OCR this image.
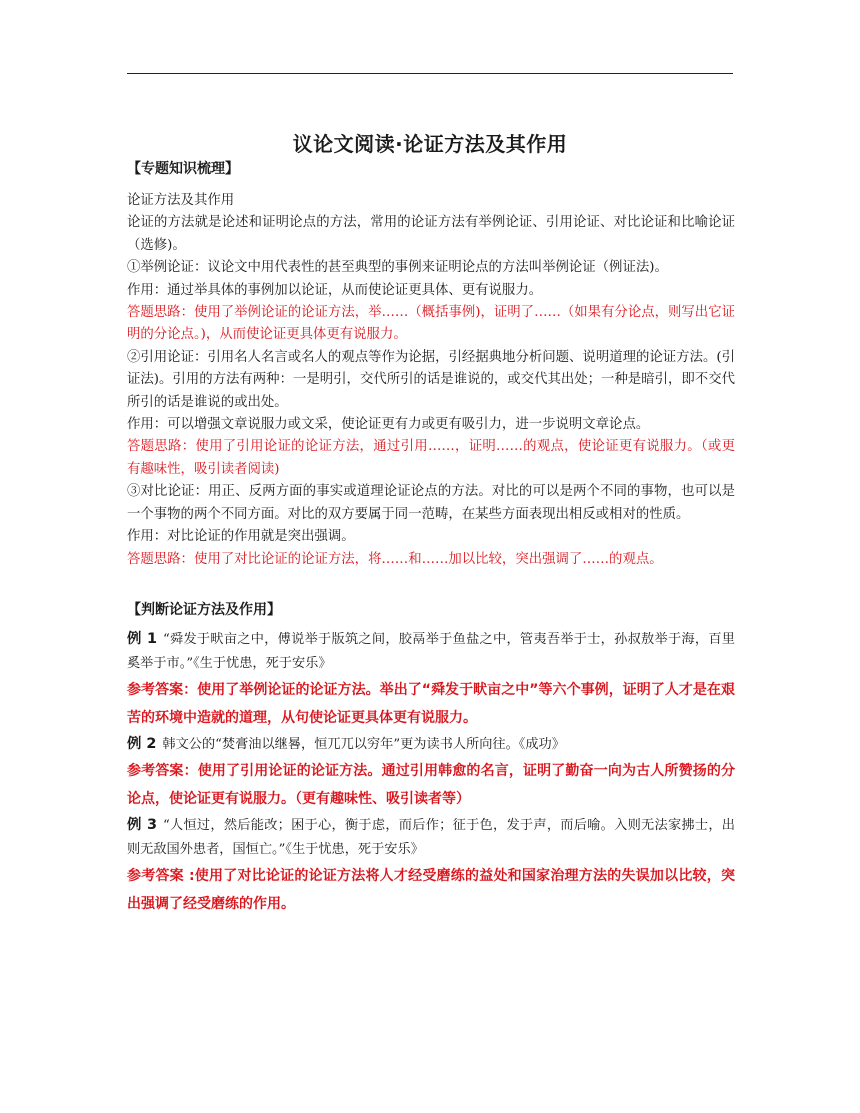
议论文阅读·论证方法及其作用
【专题知识梳理】
论证方法及其作用
论证的方法就是论述和证明论点的方法，常用的论证方法有举例论证、引用论证、对比论证和比喻论证（选修)。
①举例论证：议论文中用代表性的甚至典型的事例来证明论点的方法叫举例论证（例证法)。
作用：通过举具体的事例加以论证，从而使论证更具体、更有说服力。
答题思路：使用了举例论证的论证方法，举……（概括事例)，证明了……（如果有分论点，则写出它证明的分论点。)，从而使论证更具体更有说服力。
②引用论证：引用名人名言或名人的观点等作为论据，引经据典地分析问题、说明道理的论证方法。(引证法)。引用的方法有两种：一是明引，交代所引的话是谁说的，或交代其出处；一种是暗引，即不交代所引的话是谁说的或出处。
作用：可以增强文章说服力或文采，使论证更有力或更有吸引力，进一步说明文章论点。
答题思路：使用了引用论证的论证方法，通过引用……，证明……的观点，使论证更有说服力。（或更有趣味性，吸引读者阅读)
③对比论证：用正、反两方面的事实或道理论证论点的方法。对比的可以是两个不同的事物，也可以是一个事物的两个不同方面。对比的双方要属于同一范畴，在某些方面表现出相反或相对的性质。
作用：对比论证的作用就是突出强调。
答题思路：使用了对比论证的论证方法，将……和……加以比较，突出强调了……的观点。
【判断论证方法及作用】
例 1 “舜发于畎亩之中，傅说举于版筑之间，胶鬲举于鱼盐之中，管夷吾举于士，孙叔敖举于海，百里奚举于市。”《生于忧患，死于安乐》
参考答案：使用了举例论证的论证方法。举出了“舜发于畎亩之中”等六个事例，证明了人才是在艰苦的环境中造就的道理，从句使论证更具体更有说服力。
例 2 韩文公的“焚膏油以继晷，恒兀兀以穷年”更为读书人所向往。《成功》
参考答案：使用了引用论证的论证方法。通过引用韩愈的名言，证明了勤奋一向为古人所赞扬的分论点，使论证更有说服力。（更有趣味性、吸引读者等）
例 3 “人恒过，然后能改；困于心，衡于虑，而后作；征于色，发于声，而后喻。入则无法家拂士，出则无敌国外患者，国恒亡。”《生于忧患，死于安乐》
参考答案 :使用了对比论证的论证方法将人才经受磨练的益处和国家治理方法的失误加以比较，突出强调了经受磨练的作用。
